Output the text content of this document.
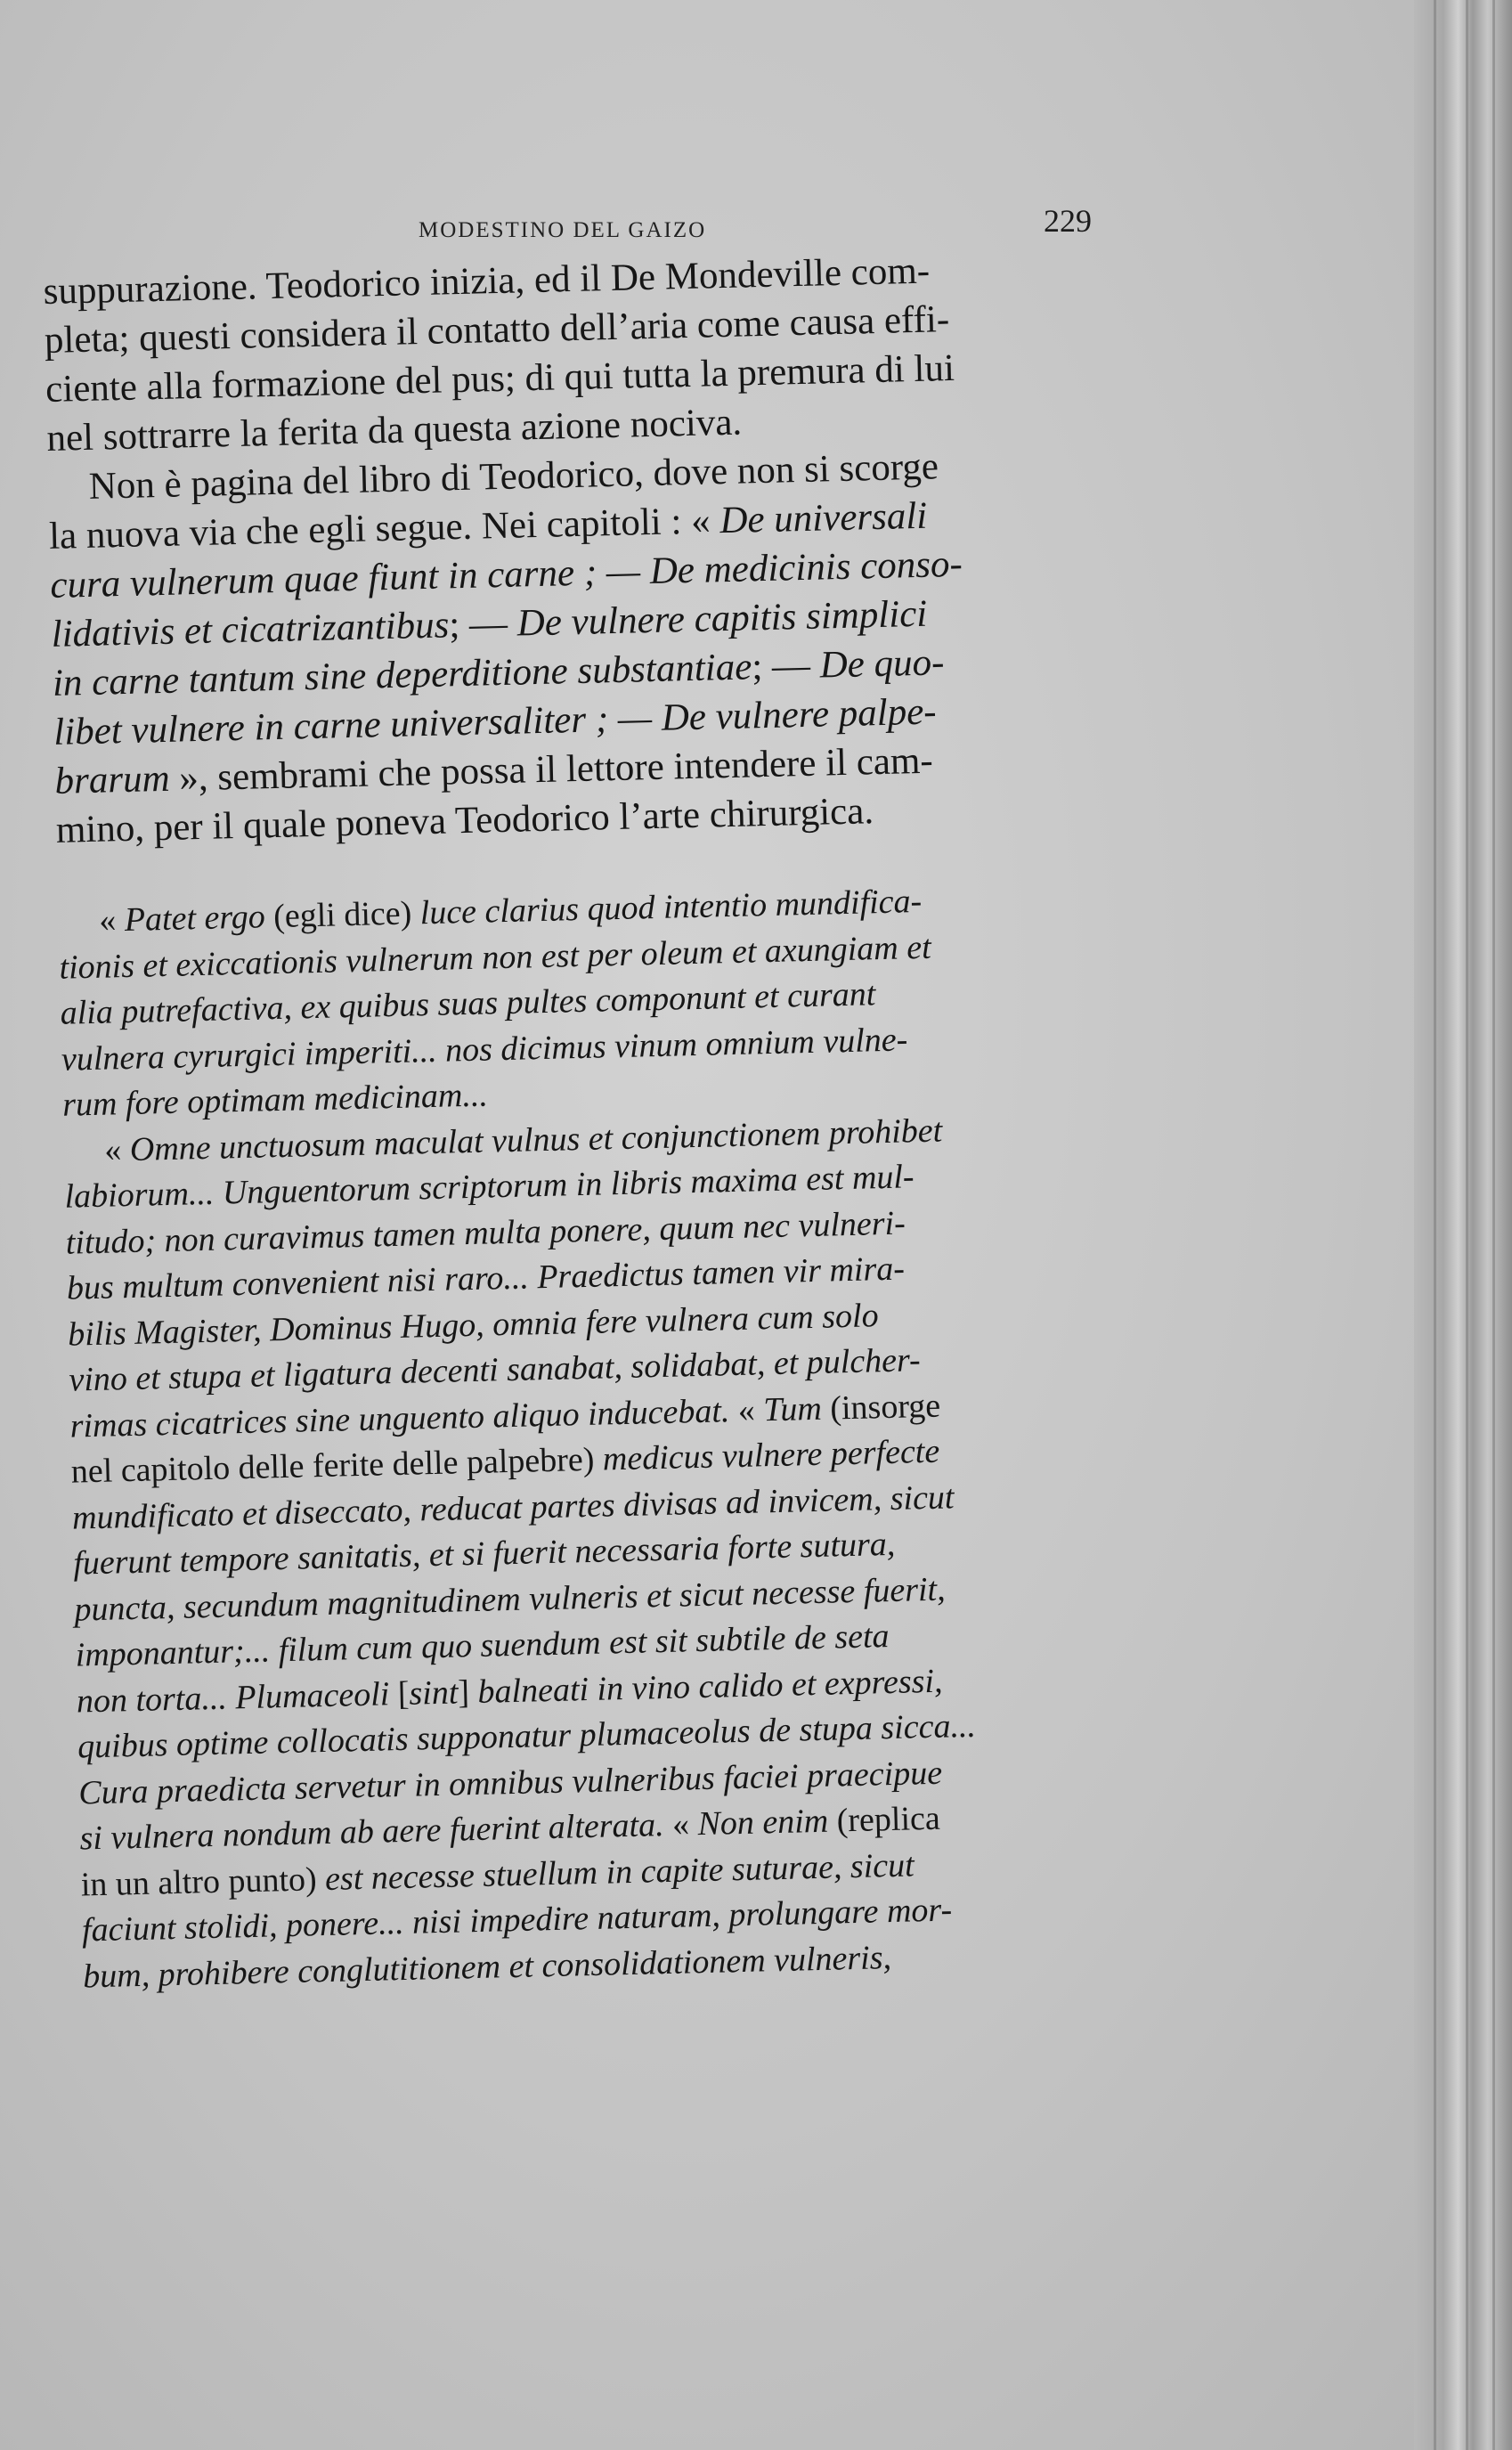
MODESTINO DEL GAIZO	229
suppurazione. Teodorico inizia, ed il De Mondeville com-
pleta; questi considera il contatto dell’aria come causa effi-
ciente alla formazione del pus; di qui tutta la premura di lui
nel sottrarre la ferita da questa azione nociva.
Non è pagina del libro di Teodorico, dove non si scorge
la nuova via che egli segue. Nei capitoli : « De universali
cura vulnerum quae fiunt in carne ; — De medicinis conso-
lidativis et cicatrizantibus; — De vulnere capitis simplici
in carne tantum sine deperditione substantiae; — De quo-
libet vulnere in carne universaliter ; — De vulnere palpe-
brarum », sembrami che possa il lettore intendere il cam-
mino, per il quale poneva Teodorico l’arte chirurgica.
« Patet ergo (egli dice) luce clarius quod intentio mundifica-
tionis et exiccationis vulnerum non est per oleum et axungiam et
alia putrefactiva, ex quibus suas pultes componunt et curant
vulnera cyrurgici imperiti... nos dicimus vinum omnium vulne-
rum fore optimam medicinam...
« Omne unctuosum maculat vulnus et conjunctionem prohibet
labiorum... Unguentorum scriptorum in libris maxima est mul-
titudo; non curavimus tamen multa ponere, quum nec vulneri-
bus multum convenient nisi raro... Praedictus tamen vir mira-
bilis Magister, Dominus Hugo, omnia fere vulnera cum solo
vino et stupa et ligatura decenti sanabat, solidabat, et pulcher-
rimas cicatrices sine unguento aliquo inducebat. « Tum (insorge
nel capitolo delle ferite delle palpebre) medicus vulnere perfecte
mundificato et diseccato, reducat partes divisas ad invicem, sicut
fuerunt tempore sanitatis, et si fuerit necessaria forte sutura,
puncta, secundum magnitudinem vulneris et sicut necesse fuerit,
imponantur;... filum cum quo suendum est sit subtile de seta
non torta... Plumaceoli [sint] balneati in vino calido et expressi,
quibus optime collocatis supponatur plumaceolus de stupa sicca...
Cura praedicta servetur in omnibus vulneribus faciei praecipue
si vulnera nondum ab aere fuerint alterata. « Non enim (replica
in un altro punto) est necesse stuellum in capite suturae, sicut
faciunt stolidi, ponere... nisi impedire naturam, prolungare mor-
bum, prohibere conglutitionem et consolidationem vulneris,
